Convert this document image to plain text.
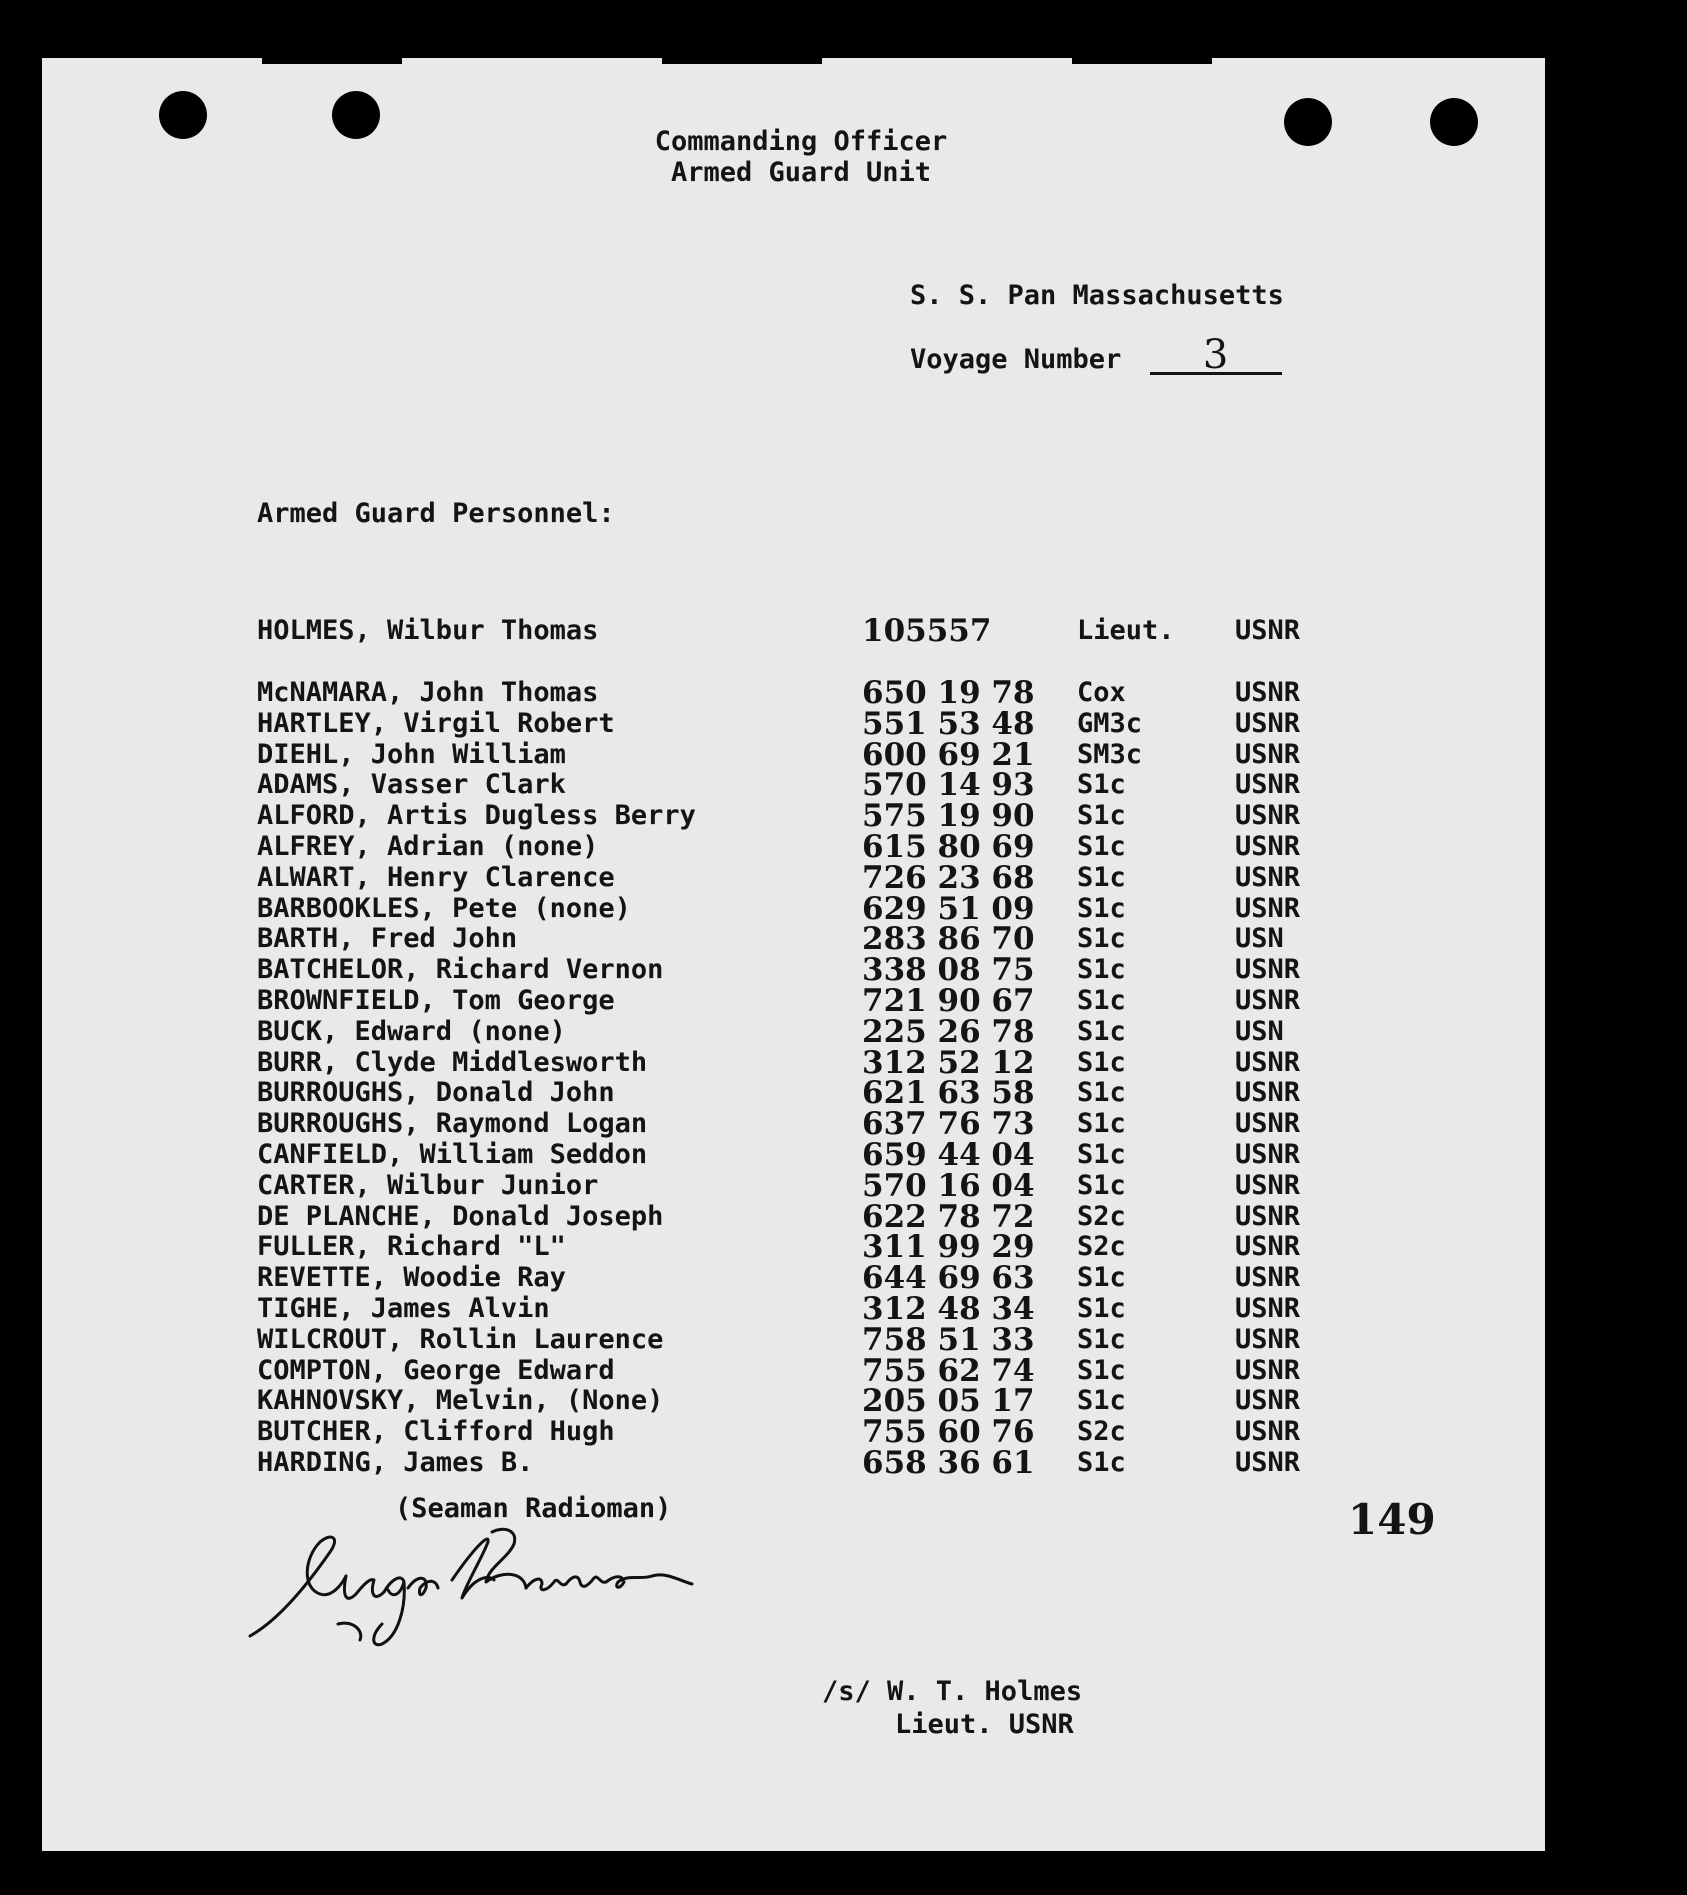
Commanding Officer
Armed Guard Unit
S. S. Pan Massachusetts
Voyage Number 3
Armed Guard Personnel:
HOLMES, Wilbur Thomas	105557	Lieut. USNR
McNAMARA, John Thomas	650 19 78 Cox	USNR
HARTLEY, Virgil Robert	551 53 48 GM3c	USNR
DIEHL, John William	600 69 21 SM3c	USNR
ADAMS, Vasser Clark	570 14 93 S1c	USNR
ALFORD, Artis Dugless Berry	575 19 90 S1c	USNR
ALFREY, Adrian (none)	615 80 69 S1c	USNR
ALWART, Henry Clarence	726 23 68 S1c	USNR
BARBOOKLES, Pete (none)	629 51 09 S1c	USNR
BARTH, Fred John	283 86 70 S1c	USN
BATCHELOR, Richard Vernon	338 08 75 S1c	USNR
BROWNFIELD, Tom George	721 90 67 S1c	USNR
BUCK, Edward (none)	225 26 78 S1c	USN
BURR, Clyde Middlesworth	312 52 12 S1c	USNR
BURROUGHS, Donald John	621 63 58 S1c	USNR
BURROUGHS, Raymond Logan	637 76 73 S1c	USNR
CANFIELD, William Seddon	659 44 04 S1c	USNR
CARTER, Wilbur Junior	570 16 04 S1c	USNR
DE PLANCHE, Donald Joseph	622 78 72 S2c	USNR
FULLER, Richard "L"	311 99 29 S2c	USNR
REVETTE, Woodie Ray	644 69 63 S1c	USNR
TIGHE, James Alvin	312 48 34 S1c	USNR
WILCROUT, Rollin Laurence	758 51 33 S1c	USNR
COMPTON, George Edward	755 62 74 S1c	USNR
KAHNOVSKY, Melvin, (None)	205 05 17 S1c	USNR
BUTCHER, Clifford Hugh	755 60 76 S2c	USNR
HARDING, James B.	658 36 61 S1c	USNR
(Seaman Radioman)	149
/s/ W. T. Holmes
Lieut. USNR
